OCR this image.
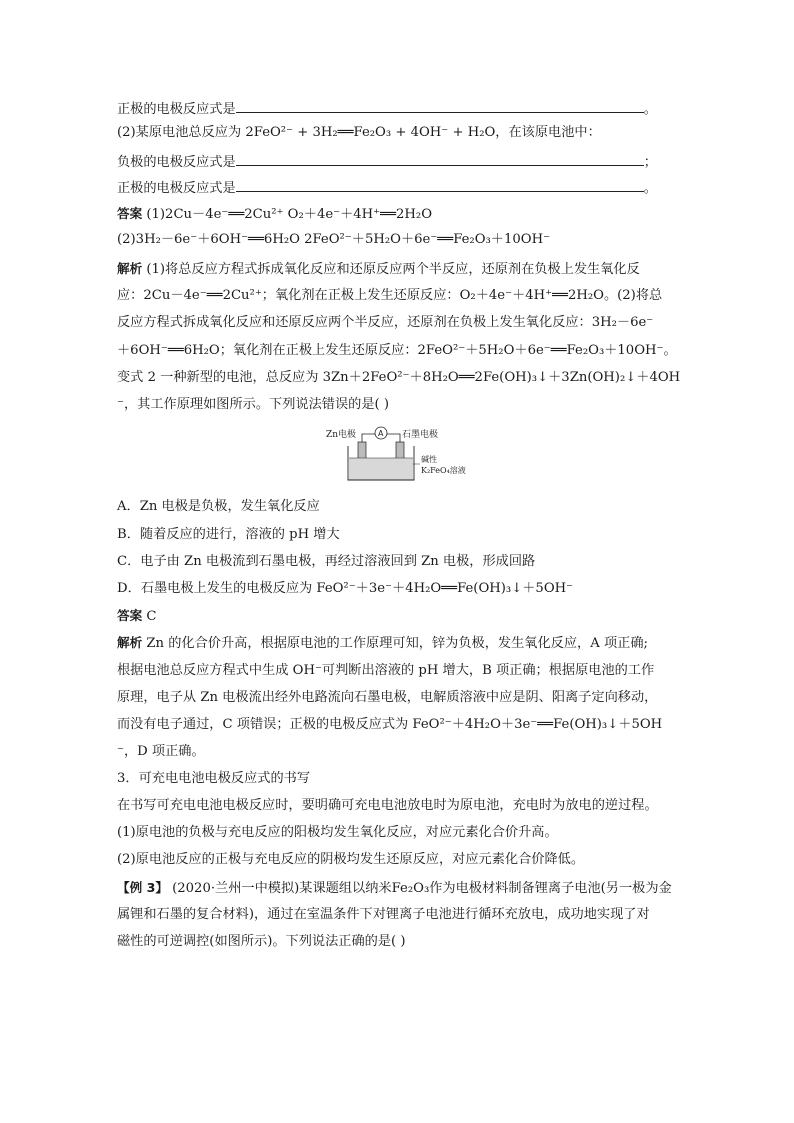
正极的电极反应式是	。
(2)某原电池总反应为 2FeO²⁻ + 3H₂══Fe₂O₃ + 4OH⁻ + H₂O，在该原电池中：
负极的电极反应式是	；
正极的电极反应式是	。
答案 (1)2Cu－4e⁻══2Cu²⁺ O₂＋4e⁻＋4H⁺══2H₂O
(2)3H₂－6e⁻＋6OH⁻══6H₂O 2FeO²⁻＋5H₂O＋6e⁻══Fe₂O₃＋10OH⁻
解析 (1)将总反应方程式拆成氧化反应和还原反应两个半反应，还原剂在负极上发生氧化反
应：2Cu－4e⁻══2Cu²⁺；氧化剂在正极上发生还原反应：O₂＋4e⁻＋4H⁺══2H₂O。(2)将总
反应方程式拆成氧化反应和还原反应两个半反应，还原剂在负极上发生氧化反应：3H₂－6e⁻
＋6OH⁻══6H₂O；氧化剂在正极上发生还原反应：2FeO²⁻＋5H₂O＋6e⁻══Fe₂O₃＋10OH⁻。
变式 2 一种新型的电池，总反应为 3Zn＋2FeO²⁻＋8H₂O══2Fe(OH)₃↓＋3Zn(OH)₂↓＋4OH
⁻，其工作原理如图所示。下列说法错误的是( )
Zn电极	A 石墨电极
碱性
K₂FeO₄溶液
A．Zn 电极是负极，发生氧化反应
B．随着反应的进行，溶液的 pH 增大
C．电子由 Zn 电极流到石墨电极，再经过溶液回到 Zn 电极，形成回路
D．石墨电极上发生的电极反应为 FeO²⁻＋3e⁻＋4H₂O══Fe(OH)₃↓＋5OH⁻
答案 C
解析 Zn 的化合价升高，根据原电池的工作原理可知，锌为负极，发生氧化反应，A 项正确;
根据电池总反应方程式中生成 OH⁻可判断出溶液的 pH 增大，B 项正确；根据原电池的工作
原理，电子从 Zn 电极流出经外电路流向石墨电极，电解质溶液中应是阴、阳离子定向移动，
而没有电子通过，C 项错误；正极的电极反应式为 FeO²⁻＋4H₂O＋3e⁻══Fe(OH)₃↓＋5OH
⁻，D 项正确。
3．可充电电池电极反应式的书写
在书写可充电电池电极反应时，要明确可充电电池放电时为原电池，充电时为放电的逆过程。
(1)原电池的负极与充电反应的阳极均发生氧化反应，对应元素化合价升高。
(2)原电池反应的正极与充电反应的阴极均发生还原反应，对应元素化合价降低。
【例 3】 (2020·兰州一中模拟)某课题组以纳米Fe₂O₃作为电极材料制备锂离子电池(另一极为金
属锂和石墨的复合材料)，通过在室温条件下对锂离子电池进行循环充放电，成功地实现了对
磁性的可逆调控(如图所示)。下列说法正确的是( )
